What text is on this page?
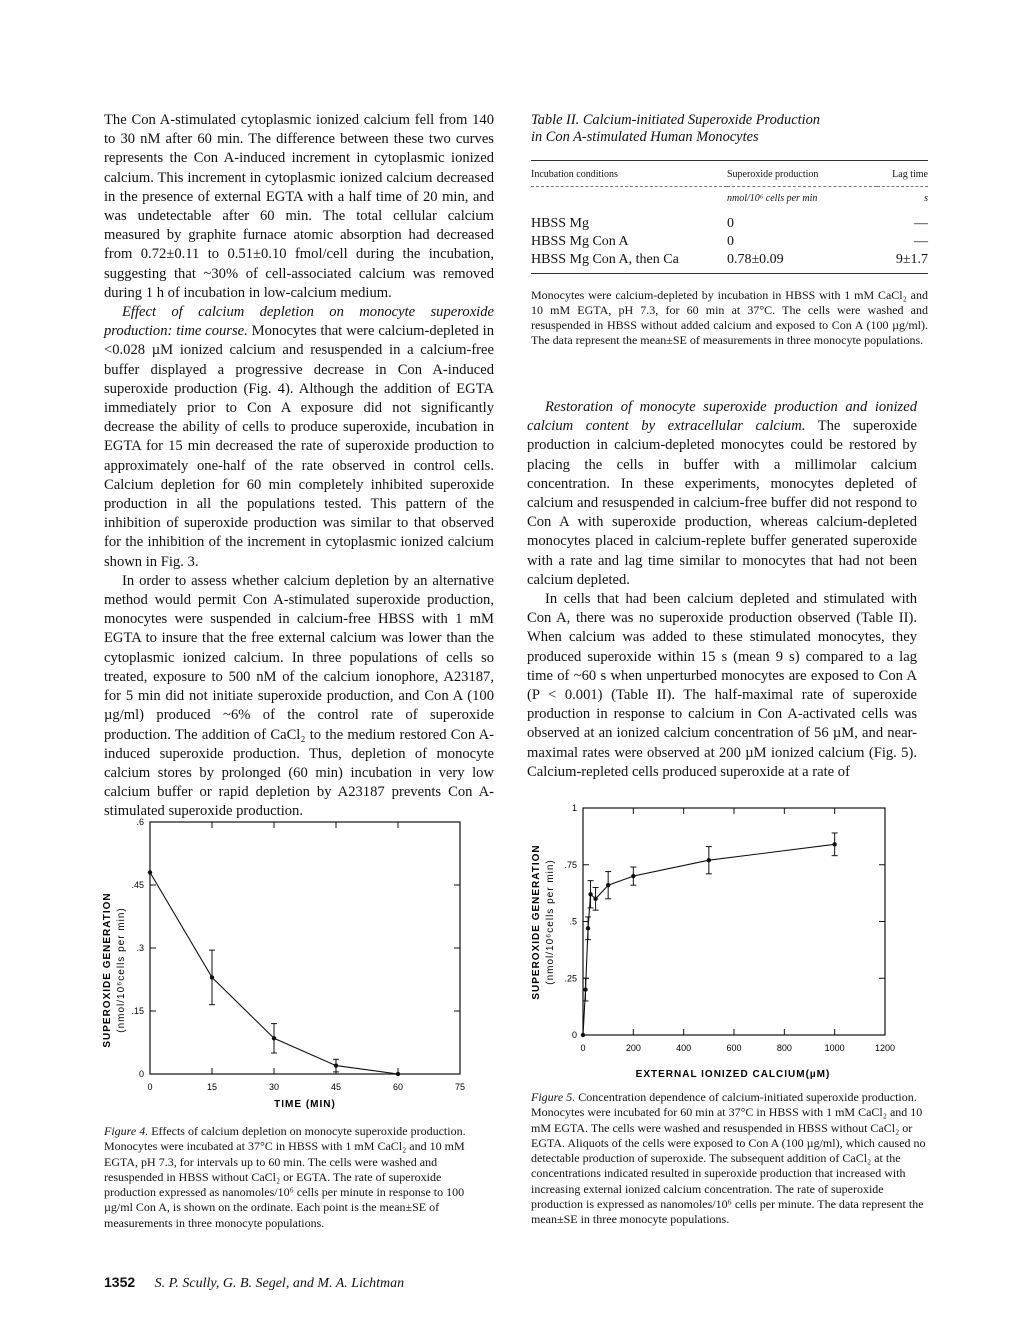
The Con A-stimulated cytoplasmic ionized calcium fell from 140 to 30 nM after 60 min. The difference between these two curves represents the Con A-induced increment in cytoplasmic ionized calcium. This increment in cytoplasmic ionized calcium decreased in the presence of external EGTA with a half time of 20 min, and was undetectable after 60 min. The total cellular calcium measured by graphite furnace atomic absorption had decreased from 0.72±0.11 to 0.51±0.10 fmol/cell during the incubation, suggesting that ~30% of cell-associated calcium was removed during 1 h of incubation in low-calcium medium.

Effect of calcium depletion on monocyte superoxide production: time course. Monocytes that were calcium-depleted in <0.028 µM ionized calcium and resuspended in a calcium-free buffer displayed a progressive decrease in Con A-induced superoxide production (Fig. 4). Although the addition of EGTA immediately prior to Con A exposure did not significantly decrease the ability of cells to produce superoxide, incubation in EGTA for 15 min decreased the rate of superoxide production to approximately one-half of the rate observed in control cells. Calcium depletion for 60 min completely inhibited superoxide production in all the populations tested. This pattern of the inhibition of superoxide production was similar to that observed for the inhibition of the increment in cytoplasmic ionized calcium shown in Fig. 3.

In order to assess whether calcium depletion by an alternative method would permit Con A-stimulated superoxide production, monocytes were suspended in calcium-free HBSS with 1 mM EGTA to insure that the free external calcium was lower than the cytoplasmic ionized calcium. In three populations of cells so treated, exposure to 500 nM of the calcium ionophore, A23187, for 5 min did not initiate superoxide production, and Con A (100 µg/ml) produced ~6% of the control rate of superoxide production. The addition of CaCl₂ to the medium restored Con A-induced superoxide production. Thus, depletion of monocyte calcium stores by prolonged (60 min) incubation in very low calcium buffer or rapid depletion by A23187 prevents Con A-stimulated superoxide production.

Table II. Calcium-initiated Superoxide Production
in Con A-stimulated Human Monocytes
Incubation conditions	Superoxide production	Lag time
	nmol/10⁶ cells per min	s
HBSS Mg	0	—
HBSS Mg Con A	0	—
HBSS Mg Con A, then Ca	0.78±0.09	9±1.7
Monocytes were calcium-depleted by incubation in HBSS with 1 mM CaCl₂ and 10 mM EGTA, pH 7.3, for 60 min at 37°C. The cells were washed and resuspended in HBSS without added calcium and exposed to Con A (100 µg/ml). The data represent the mean±SE of measurements in three monocyte populations.

Restoration of monocyte superoxide production and ionized calcium content by extracellular calcium. The superoxide production in calcium-depleted monocytes could be restored by placing the cells in buffer with a millimolar calcium concentration. In these experiments, monocytes depleted of calcium and resuspended in calcium-free buffer did not respond to Con A with superoxide production, whereas calcium-depleted monocytes placed in calcium-replete buffer generated superoxide with a rate and lag time similar to monocytes that had not been calcium depleted.

In cells that had been calcium depleted and stimulated with Con A, there was no superoxide production observed (Table II). When calcium was added to these stimulated monocytes, they produced superoxide within 15 s (mean 9 s) compared to a lag time of ~60 s when unperturbed monocytes are exposed to Con A (P < 0.001) (Table II). The half-maximal rate of superoxide production in response to calcium in Con A-activated cells was observed at an ionized calcium concentration of 56 µM, and near-maximal rates were observed at 200 µM ionized calcium (Fig. 5). Calcium-repleted cells produced superoxide at a rate of

0	15	30	45	60	75
0
.15
.3
.45
.6
TIME (MIN)
SUPEROXIDE GENERATION (nmol/10⁶cells per min)
0	200	400	600	800	1000	1200
0
.25
.5
.75
1
EXTERNAL IONIZED CALCIUM(µM)
SUPEROXIDE GENERATION (nmol/10⁶cells per min)
Figure 4. Effects of calcium depletion on monocyte superoxide production. Monocytes were incubated at 37°C in HBSS with 1 mM CaCl₂ and 10 mM EGTA, pH 7.3, for intervals up to 60 min. The cells were washed and resuspended in HBSS without CaCl₂ or EGTA. The rate of superoxide production expressed as nanomoles/10⁶ cells per minute in response to 100 µg/ml Con A, is shown on the ordinate. Each point is the mean±SE of measurements in three monocyte populations.
Figure 5. Concentration dependence of calcium-initiated superoxide production. Monocytes were incubated for 60 min at 37°C in HBSS with 1 mM CaCl₂ and 10 mM EGTA. The cells were washed and resuspended in HBSS without CaCl₂ or EGTA. Aliquots of the cells were exposed to Con A (100 µg/ml), which caused no detectable production of superoxide. The subsequent addition of CaCl₂ at the concentrations indicated resulted in superoxide production that increased with increasing external ionized calcium concentration. The rate of superoxide production is expressed as nanomoles/10⁶ cells per minute. The data represent the mean±SE in three monocyte populations.
1352 S. P. Scully, G. B. Segel, and M. A. Lichtman
